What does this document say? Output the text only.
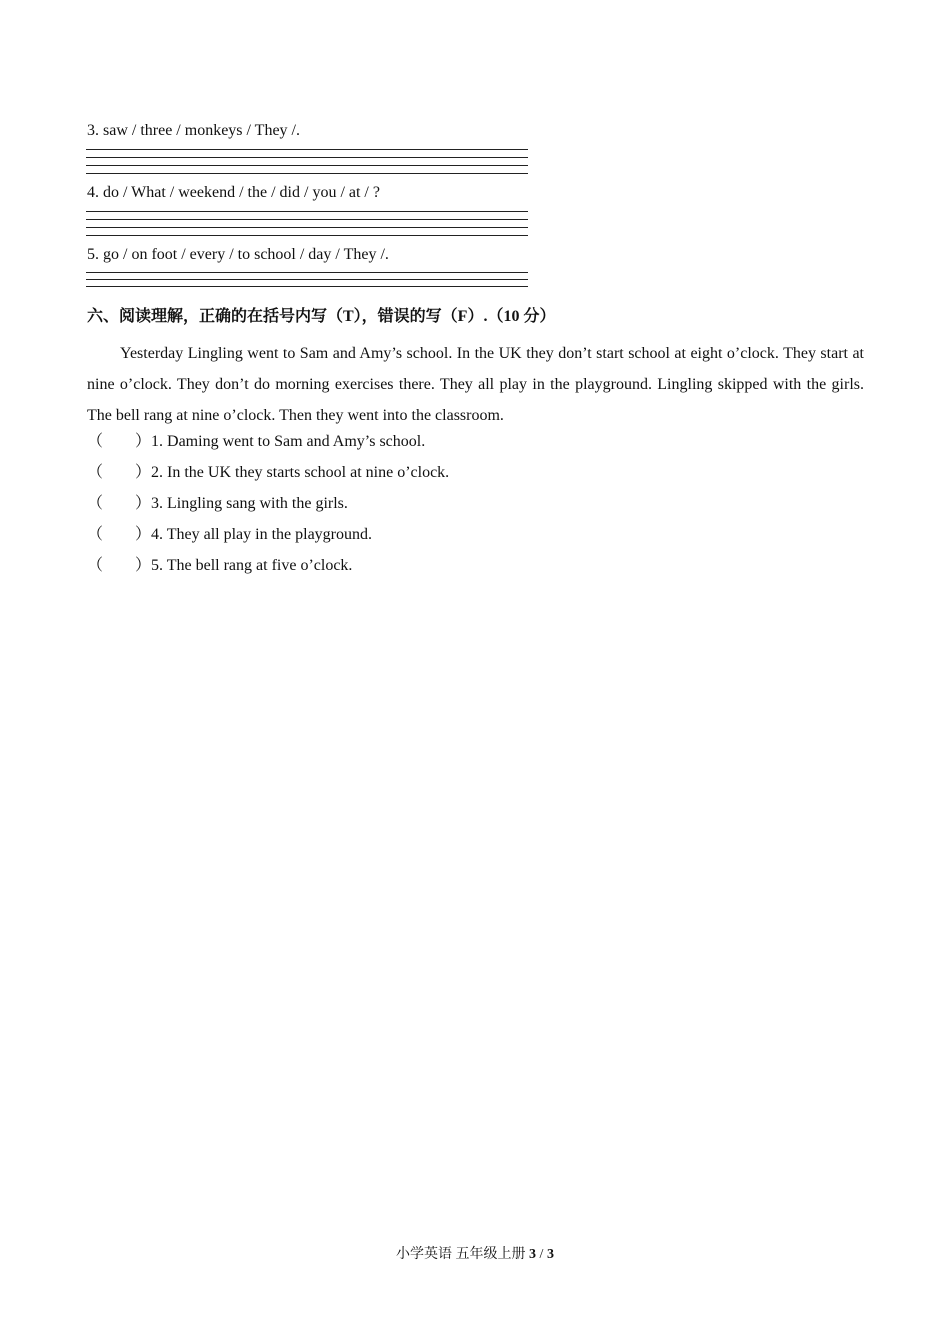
3. saw / three / monkeys / They /.
4. do / What / weekend / the / did / you / at / ?
5. go / on foot / every / to school / day / They /.
六、阅读理解，正确的在括号内写（T），错误的写（F）.（10 分）
Yesterday Lingling went to Sam and Amy’s school. In the UK they don’t start school at eight o’clock. They start at nine o’clock. They don’t do morning exercises there. They all play in the playground. Lingling skipped with the girls. The bell rang at nine o’clock. Then they went into the classroom.
（ ）1. Daming went to Sam and Amy’s school.
（ ）2. In the UK they starts school at nine o’clock.
（ ）3. Lingling sang with the girls.
（ ）4. They all play in the playground.
（ ）5. The bell rang at five o’clock.
小学英语 五年级上册 3 / 3
